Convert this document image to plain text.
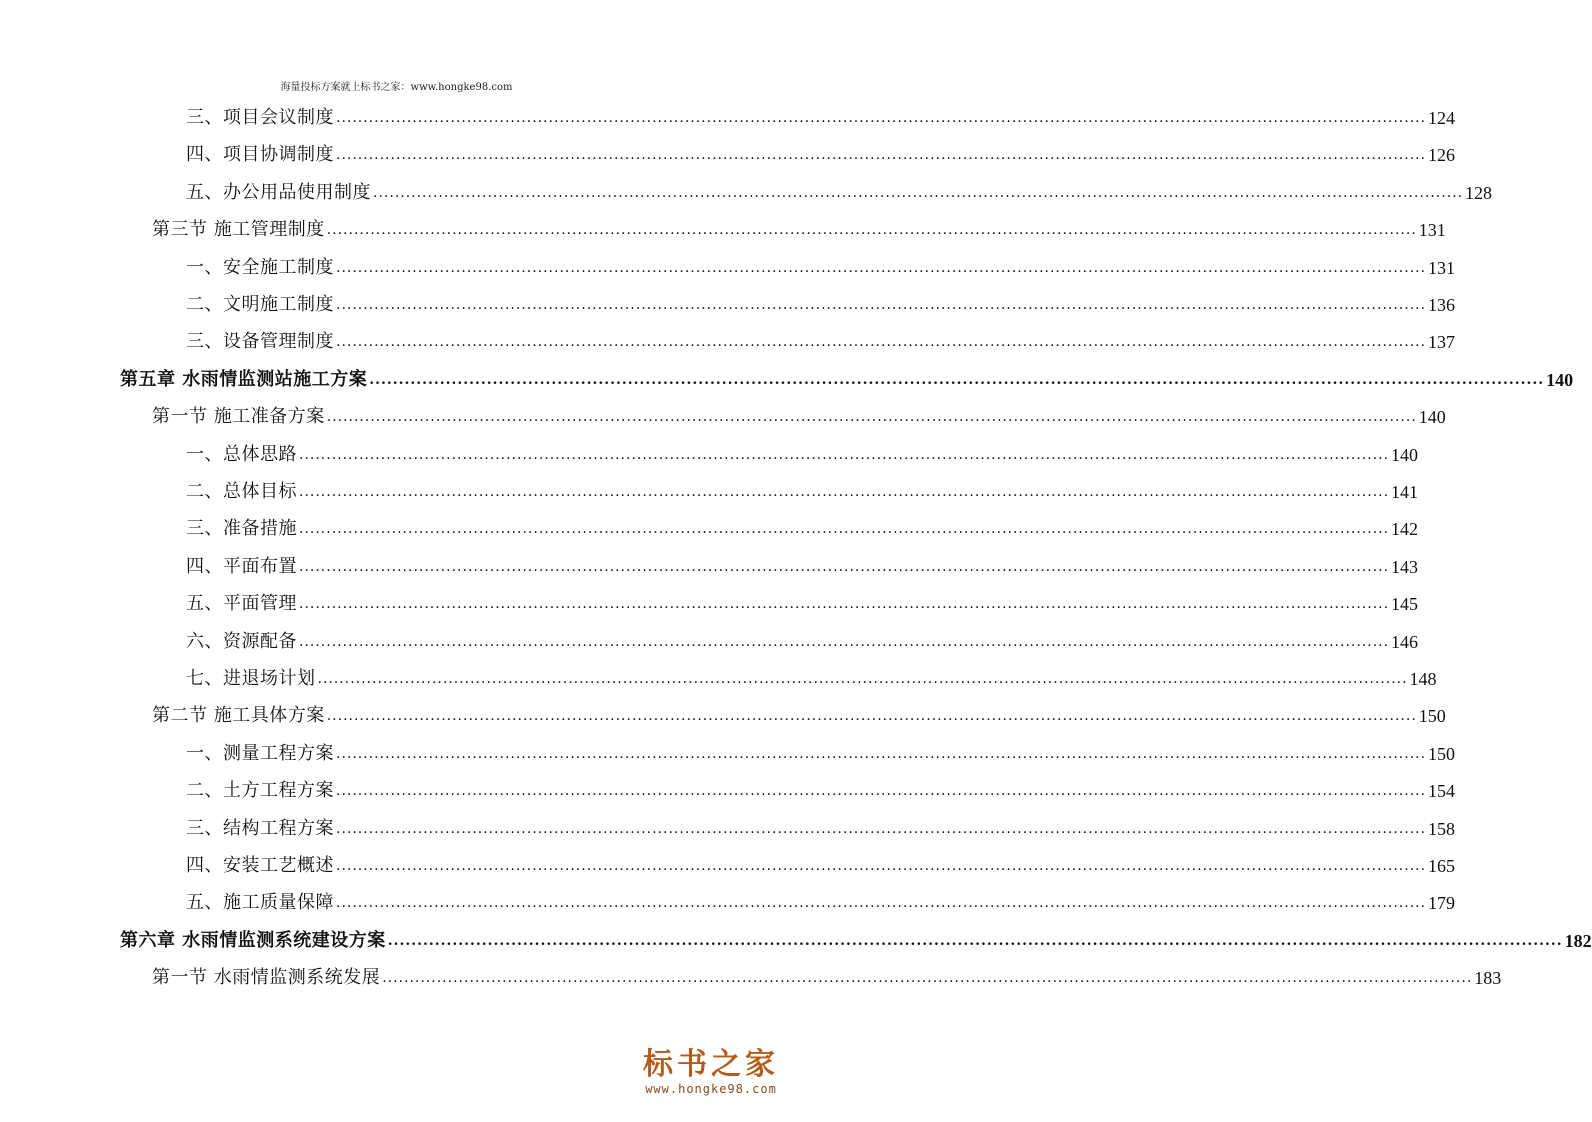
海量投标方案就上标书之家：www.hongke98.com
三、项目会议制度 ........................................................................................................................................................................................................ 124
四、项目协调制度 ........................................................................................................................................................................................................ 126
五、办公用品使用制度 ........................................................................................................................................................................................................ 128
第三节 施工管理制度 ........................................................................................................................................................................................................ 131
一、安全施工制度 ........................................................................................................................................................................................................ 131
二、文明施工制度 ........................................................................................................................................................................................................ 136
三、设备管理制度 ........................................................................................................................................................................................................ 137
第五章 水雨情监测站施工方案 ........................................................................................................................................................................................................ 140
第一节 施工准备方案 ........................................................................................................................................................................................................ 140
一、总体思路 ........................................................................................................................................................................................................ 140
二、总体目标 ........................................................................................................................................................................................................ 141
三、准备措施 ........................................................................................................................................................................................................ 142
四、平面布置 ........................................................................................................................................................................................................ 143
五、平面管理 ........................................................................................................................................................................................................ 145
六、资源配备 ........................................................................................................................................................................................................ 146
七、进退场计划 ........................................................................................................................................................................................................ 148
第二节 施工具体方案 ........................................................................................................................................................................................................ 150
一、测量工程方案 ........................................................................................................................................................................................................ 150
二、土方工程方案 ........................................................................................................................................................................................................ 154
三、结构工程方案 ........................................................................................................................................................................................................ 158
四、安装工艺概述 ........................................................................................................................................................................................................ 165
五、施工质量保障 ........................................................................................................................................................................................................ 179
第六章 水雨情监测系统建设方案 ........................................................................................................................................................................................................ 182
第一节 水雨情监测系统发展 ........................................................................................................................................................................................................ 183
标书之家
www.hongke98.com
